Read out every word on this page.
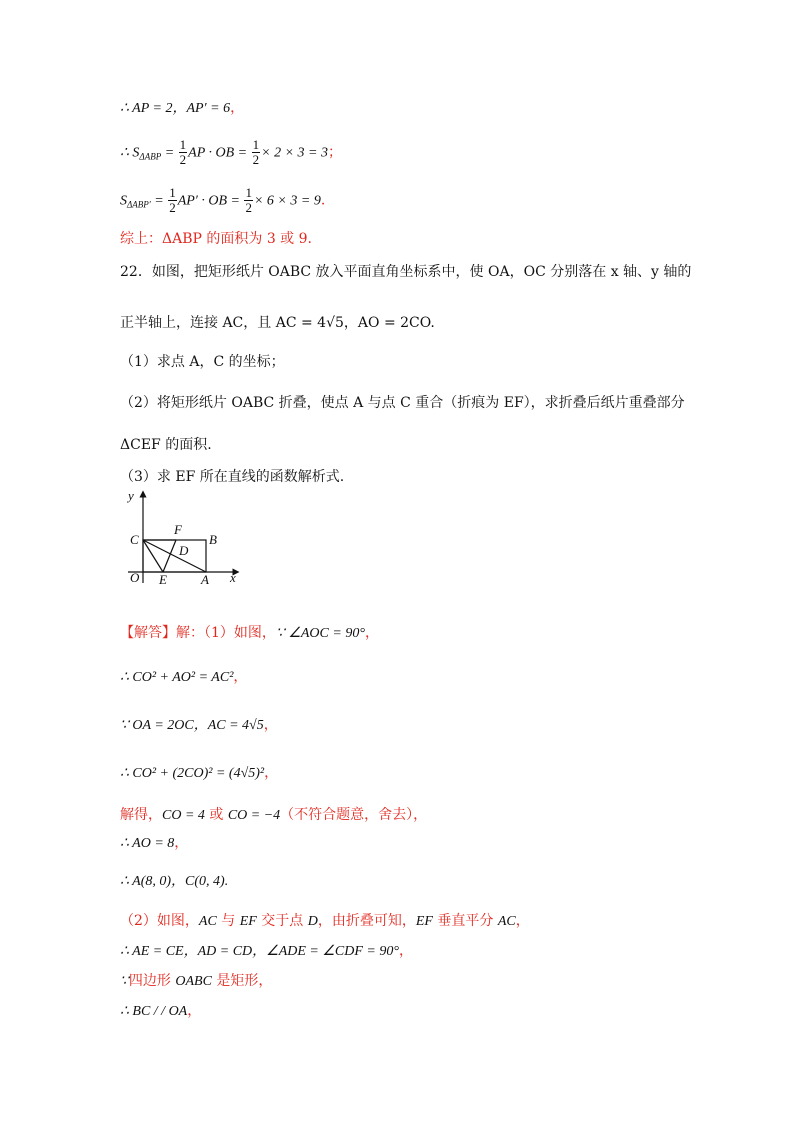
∴ AP = 2，AP′ = 6，
∴ $S_{\Delta ABP} = \frac{1}{2}$ AP · OB = $\frac{1}{2} \times 2 \times 3 = 3$；
$S_{\Delta ABP'} = \frac{1}{2} AP'$ · OB = $\frac{1}{2} \times 6 \times 3 = 9$.
综上：ΔABP 的面积为 3 或 9.
22．如图，把矩形纸片 OABC 放入平面直角坐标系中，使 OA，OC 分别落在 x 轴、y 轴的
正半轴上，连接 AC，且 AC = 4√5，AO = 2CO.
（1）求点 A，C 的坐标；
（2）将矩形纸片 OABC 折叠，使点 A 与点 C 重合（折痕为 EF），求折叠后纸片重叠部分
ΔCEF 的面积.
（3）求 EF 所在直线的函数解析式.
y
x
O
C
F
B
D
E	A
【解答】解：（1）如图，∵ ∠AOC = 90°，
∴ CO² + AO² = AC²，
∵ OA = 2OC，AC = 4√5，
∴ CO² + (2CO)² = (4√5)²，
解得，CO = 4 或 CO = −4（不符合题意，舍去），
∴ AO = 8，
∴ A(8, 0)，C(0, 4).
（2）如图，AC 与 EF 交于点 D，由折叠可知，EF 垂直平分 AC，
∴ AE = CE，AD = CD，∠ADE = ∠CDF = 90°，
∵四边形 OABC 是矩形，
∴ BC / / OA，
